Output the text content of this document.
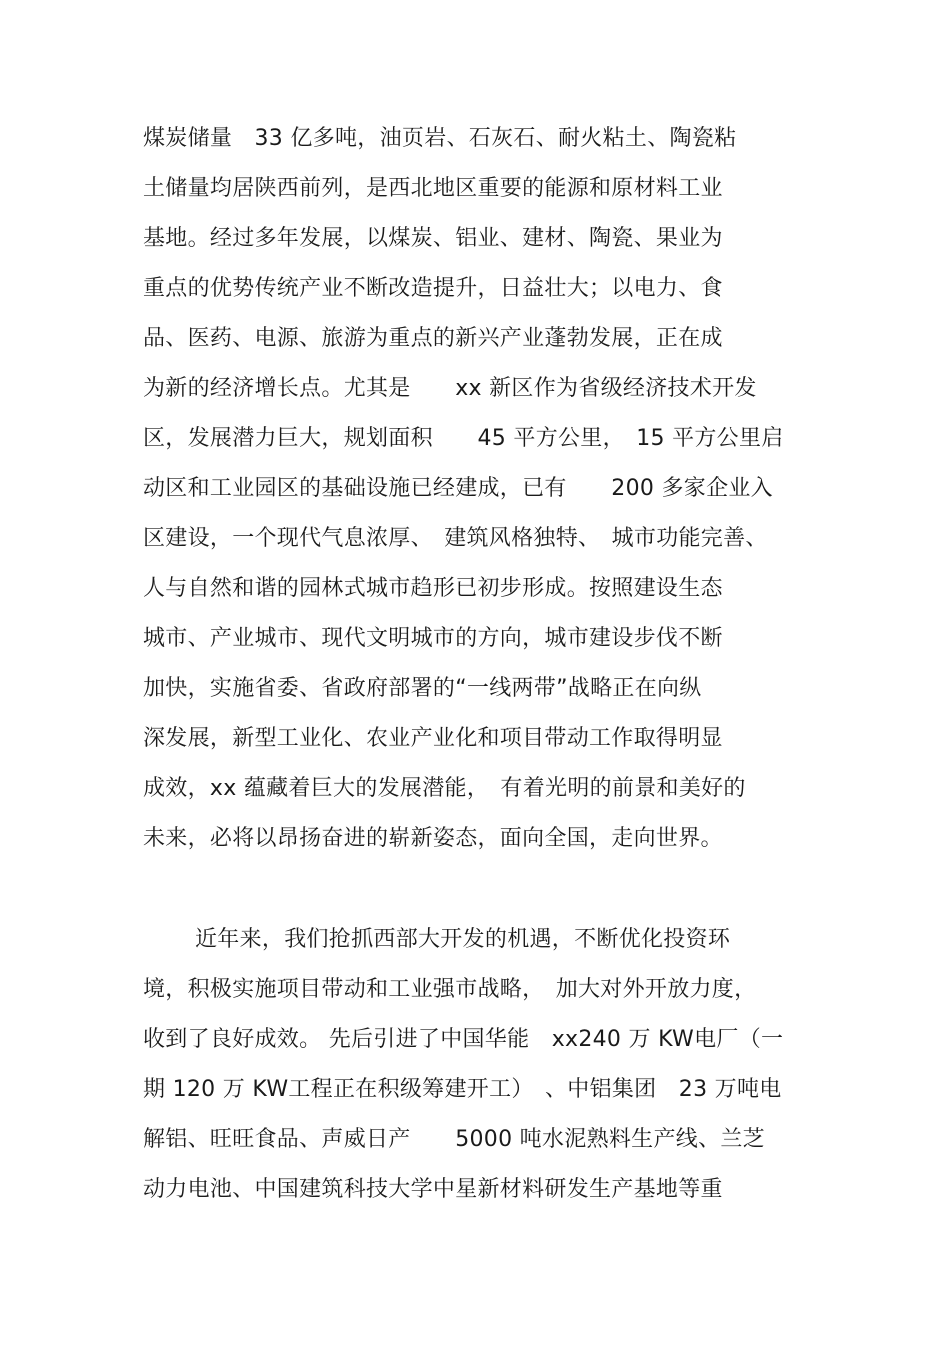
煤炭储量　33 亿多吨，油页岩、石灰石、耐火粘土、陶瓷粘
土储量均居陕西前列，是西北地区重要的能源和原材料工业
基地。经过多年发展，以煤炭、铝业、建材、陶瓷、果业为
重点的优势传统产业不断改造提升，日益壮大；以电力、食
品、医药、电源、旅游为重点的新兴产业蓬勃发展，正在成
为新的经济增长点。尤其是　　xx 新区作为省级经济技术开发
区，发展潜力巨大，规划面积　　45 平方公里，　15 平方公里启
动区和工业园区的基础设施已经建成，已有　　200 多家企业入
区建设，一个现代气息浓厚、　建筑风格独特、　城市功能完善、
人与自然和谐的园林式城市趋形已初步形成。按照建设生态
城市、产业城市、现代文明城市的方向，城市建设步伐不断
加快，实施省委、省政府部署的“一线两带”战略正在向纵
深发展，新型工业化、农业产业化和项目带动工作取得明显
成效，xx 蕴藏着巨大的发展潜能，　有着光明的前景和美好的
未来，必将以昂扬奋进的崭新姿态，面向全国，走向世界。
近年来，我们抢抓西部大开发的机遇，不断优化投资环
境，积极实施项目带动和工业强市战略，　加大对外开放力度，
收到了良好成效。 先后引进了中国华能　xx240 万 KW电厂（一
期 120 万 KW工程正在积级筹建开工）　、中铝集团　23 万吨电
解铝、旺旺食品、声威日产　　5000 吨水泥熟料生产线、兰芝
动力电池、中国建筑科技大学中星新材料研发生产基地等重
